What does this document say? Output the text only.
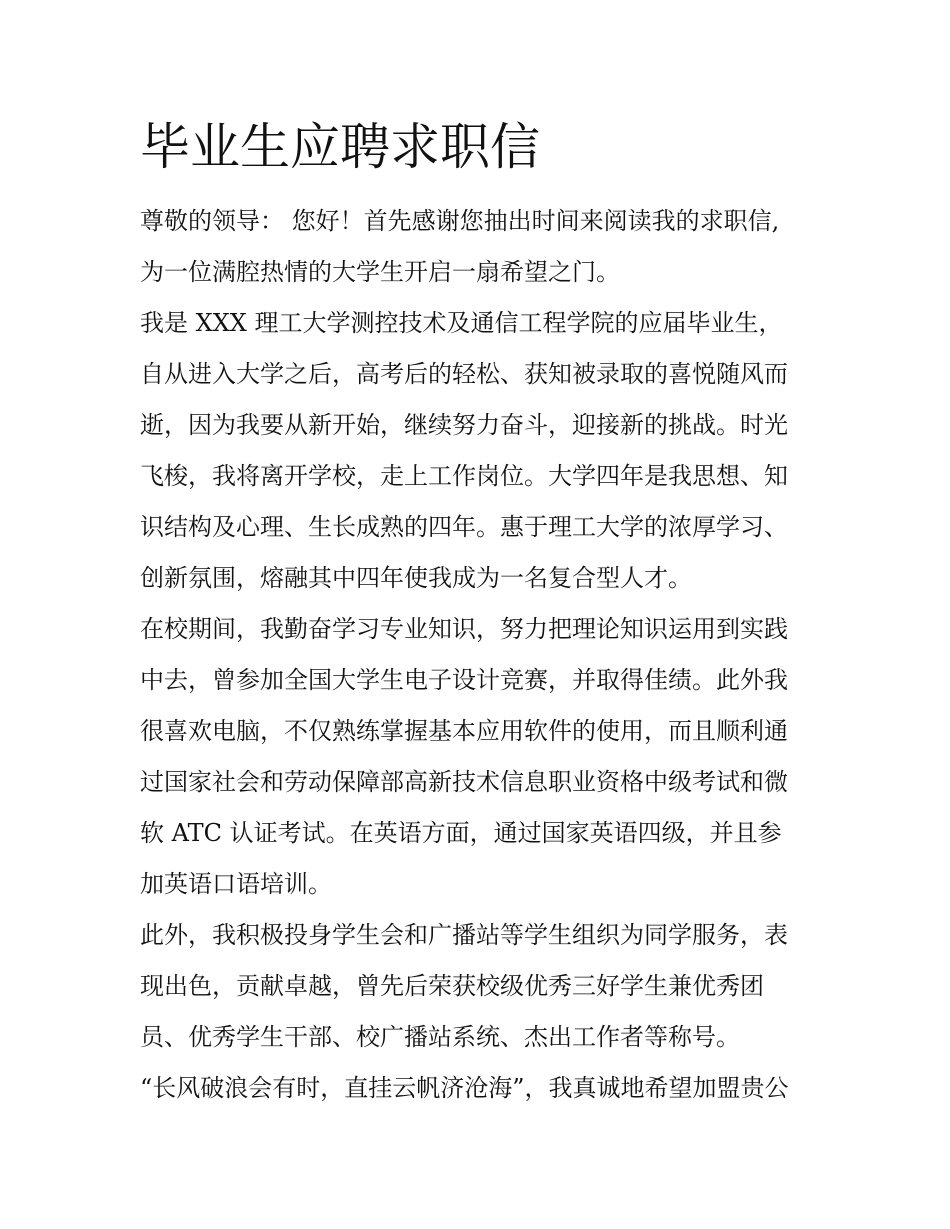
毕业生应聘求职信

尊敬的领导： 您好！首先感谢您抽出时间来阅读我的求职信,

为一位满腔热情的大学生开启一扇希望之门。

我是 XXX 理工大学测控技术及通信工程学院的应届毕业生，

自从进入大学之后，高考后的轻松、获知被录取的喜悦随风而

逝，因为我要从新开始，继续努力奋斗，迎接新的挑战。时光

飞梭，我将离开学校，走上工作岗位。大学四年是我思想、知

识结构及心理、生长成熟的四年。惠于理工大学的浓厚学习、

创新氛围，熔融其中四年使我成为一名复合型人才。

在校期间，我勤奋学习专业知识，努力把理论知识运用到实践

中去，曾参加全国大学生电子设计竞赛，并取得佳绩。此外我

很喜欢电脑，不仅熟练掌握基本应用软件的使用，而且顺利通

过国家社会和劳动保障部高新技术信息职业资格中级考试和微

软 ATC 认证考试。在英语方面，通过国家英语四级，并且参

加英语口语培训。

此外，我积极投身学生会和广播站等学生组织为同学服务，表

现出色，贡献卓越，曾先后荣获校级优秀三好学生兼优秀团

员、优秀学生干部、校广播站系统、杰出工作者等称号。

“长风破浪会有时，直挂云帆济沧海”，我真诚地希望加盟贵公
